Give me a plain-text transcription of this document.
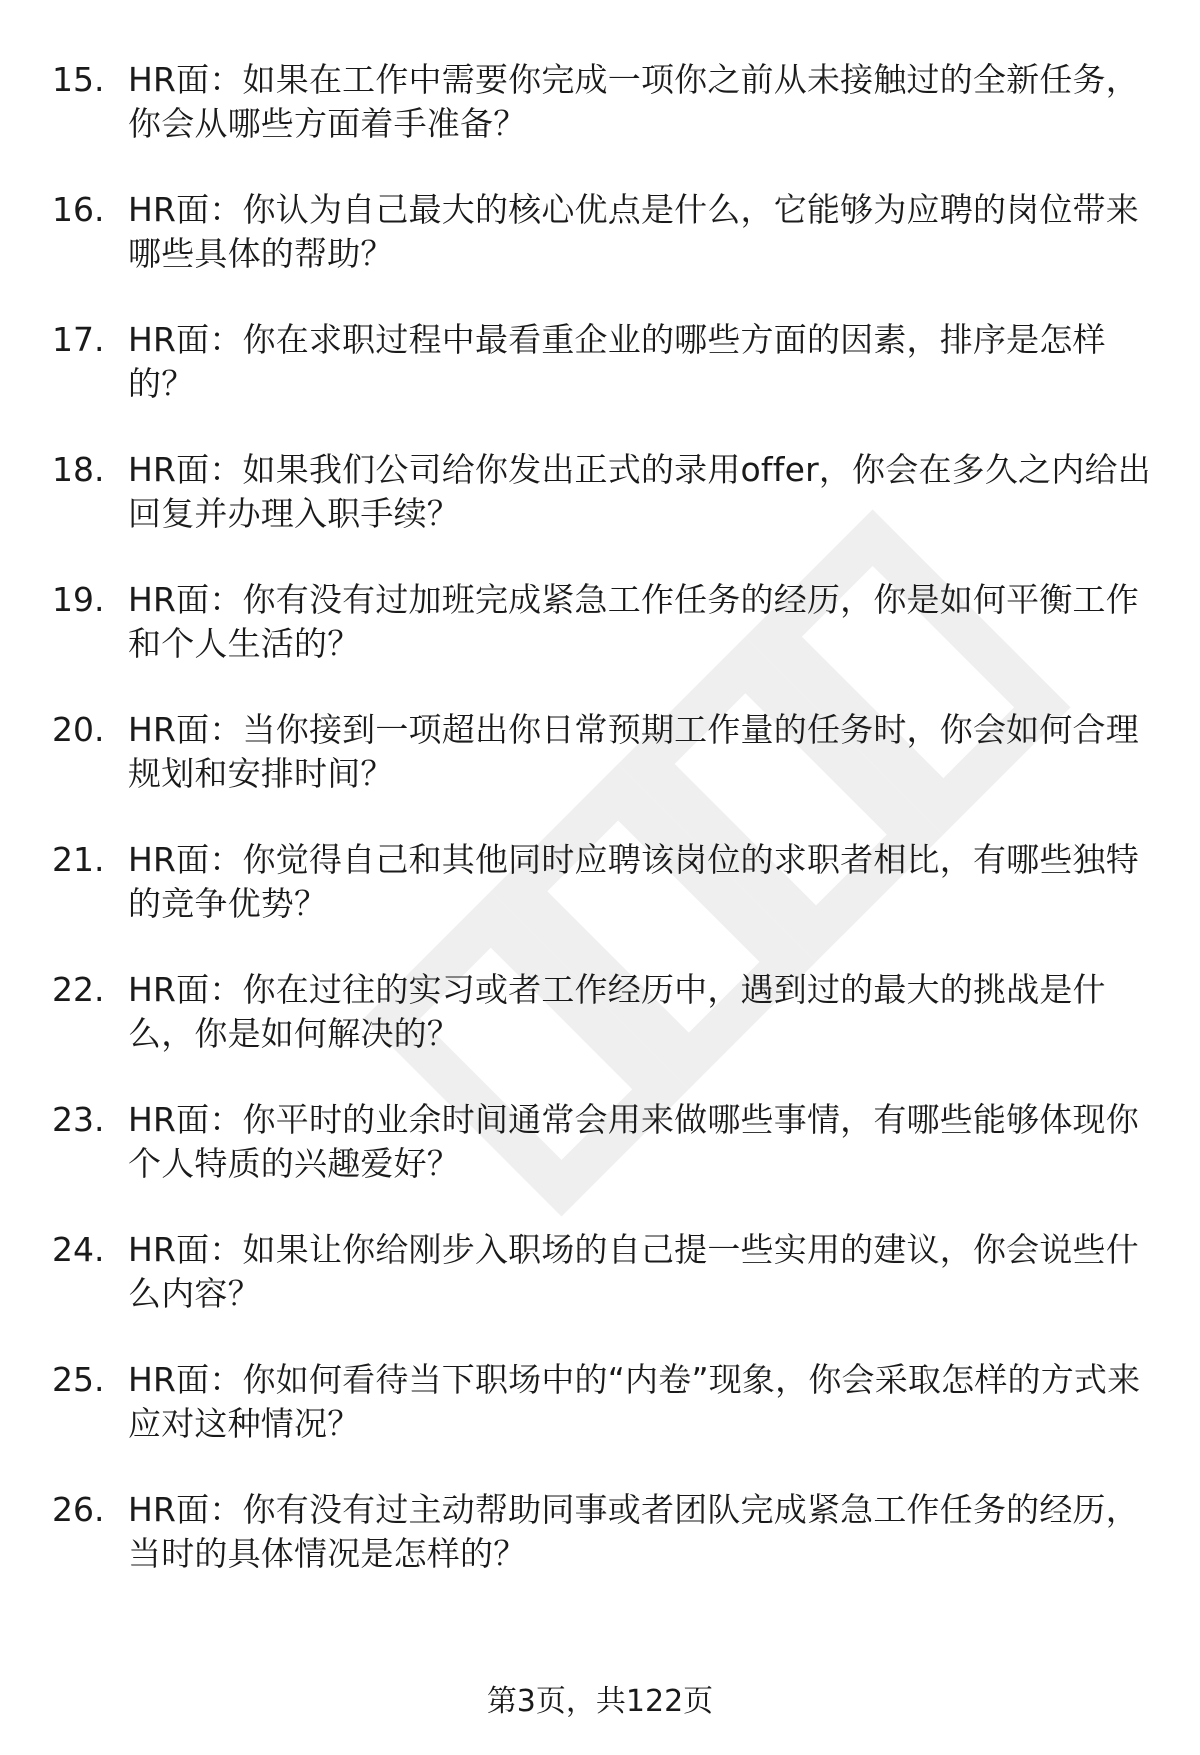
15. HR面：如果在工作中需要你完成一项你之前从未接触过的全新任务，你会从哪些方面着手准备？
16. HR面：你认为自己最大的核心优点是什么，它能够为应聘的岗位带来哪些具体的帮助？
17. HR面：你在求职过程中最看重企业的哪些方面的因素，排序是怎样的？
18. HR面：如果我们公司给你发出正式的录用offer，你会在多久之内给出回复并办理入职手续？
19. HR面：你有没有过加班完成紧急工作任务的经历，你是如何平衡工作和个人生活的？
20. HR面：当你接到一项超出你日常预期工作量的任务时，你会如何合理规划和安排时间？
21. HR面：你觉得自己和其他同时应聘该岗位的求职者相比，有哪些独特的竞争优势？
22. HR面：你在过往的实习或者工作经历中，遇到过的最大的挑战是什么，你是如何解决的？
23. HR面：你平时的业余时间通常会用来做哪些事情，有哪些能够体现你个人特质的兴趣爱好？
24. HR面：如果让你给刚步入职场的自己提一些实用的建议，你会说些什么内容？
25. HR面：你如何看待当下职场中的“内卷”现象，你会采取怎样的方式来应对这种情况？
26. HR面：你有没有过主动帮助同事或者团队完成紧急工作任务的经历，当时的具体情况是怎样的？
第3页，共122页
